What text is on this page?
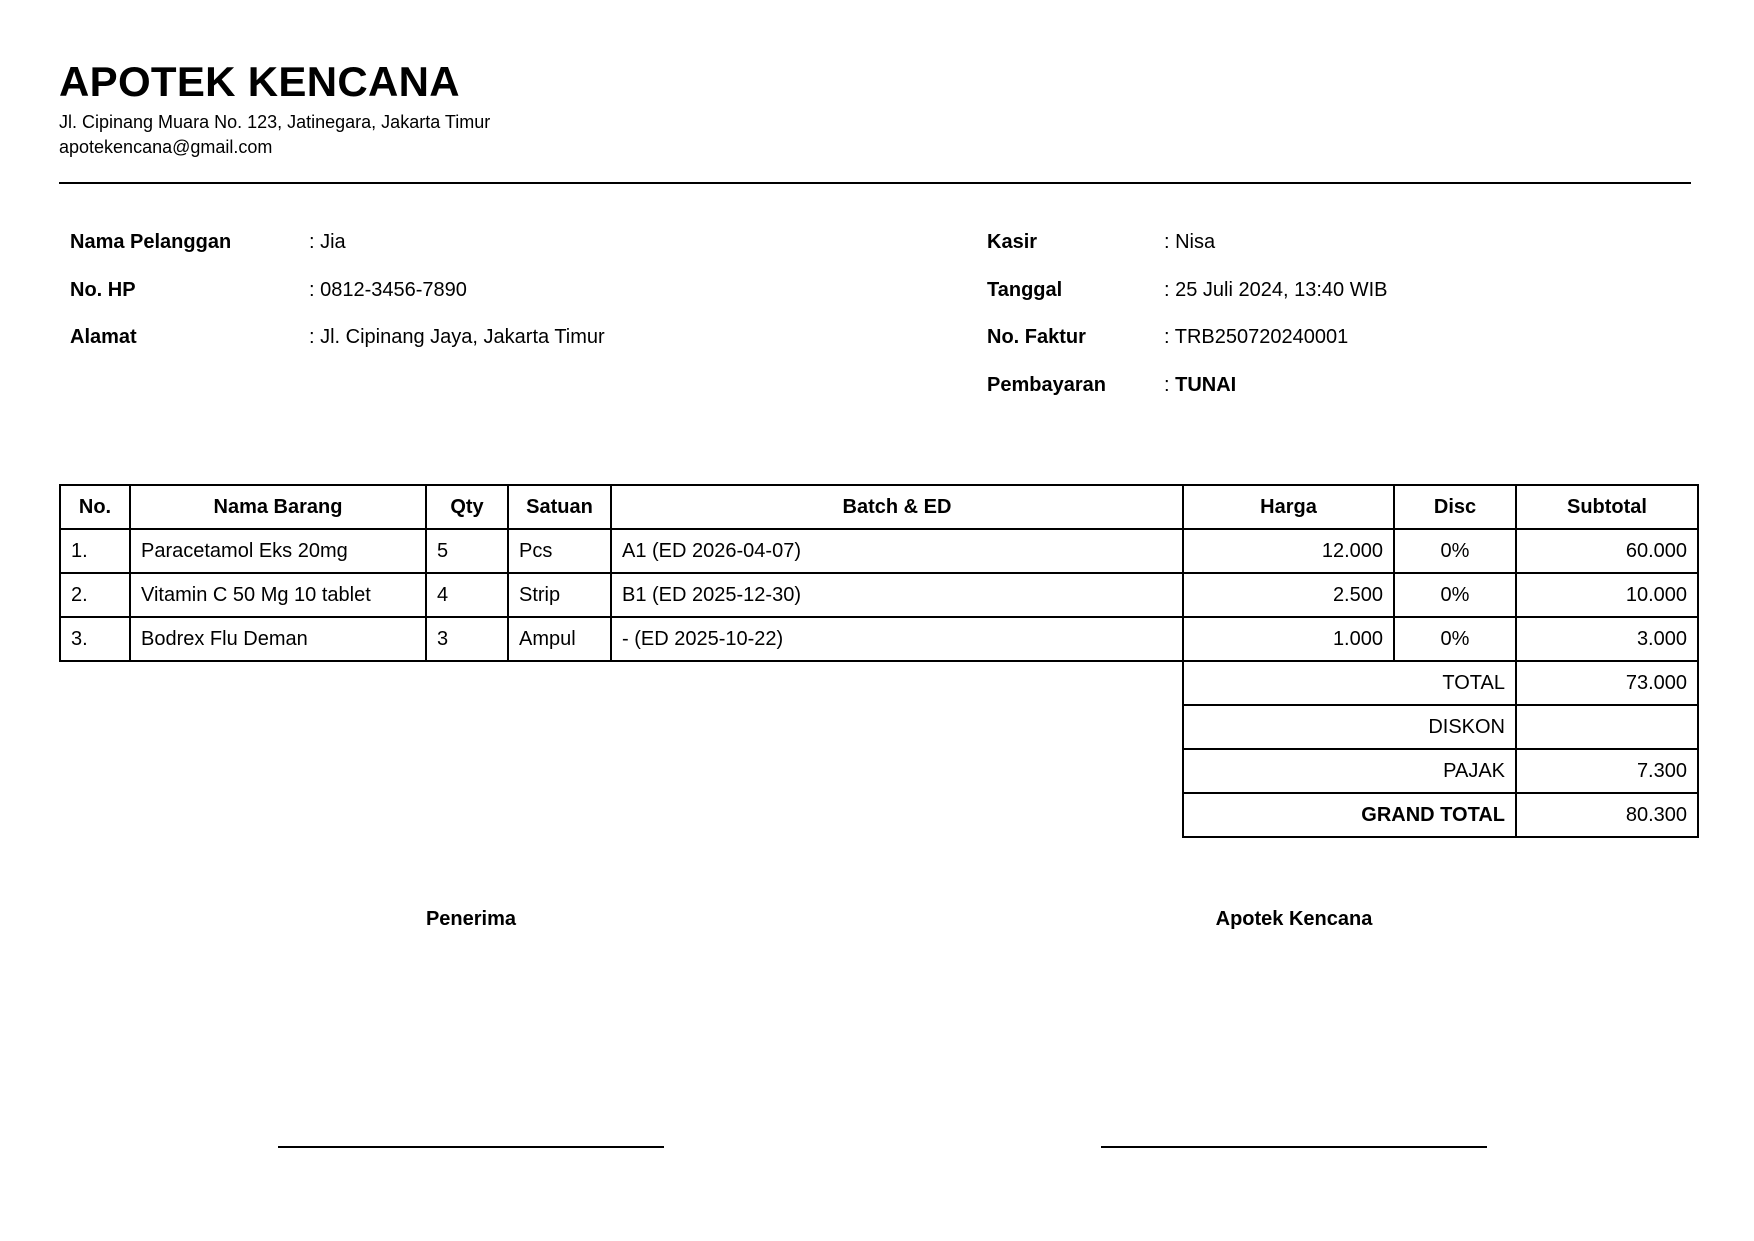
APOTEK KENCANA
Jl. Cipinang Muara No. 123, Jatinegara, Jakarta Timur
apotekencana@gmail.com
Nama Pelanggan	: Jia
No. HP	: 0812-3456-7890
Alamat	: Jl. Cipinang Jaya, Jakarta Timur
Kasir	: Nisa
Tanggal	: 25 Juli 2024, 13:40 WIB
No. Faktur	: TRB250720240001
Pembayaran	: TUNAI
No.	Nama Barang	Qty	Satuan	Batch & ED	Harga	Disc	Subtotal
1.	Paracetamol Eks 20mg	5	Pcs	A1 (ED 2026-04-07)	12.000	0%	60.000
2.	Vitamin C 50 Mg 10 tablet	4	Strip	B1 (ED 2025-12-30)	2.500	0%	10.000
3.	Bodrex Flu Deman	3	Ampul	- (ED 2025-10-22)	1.000	0%	3.000
					TOTAL		73.000
					DISKON		
					PAJAK		7.300
					GRAND TOTAL		80.300
Penerima	Apotek Kencana
